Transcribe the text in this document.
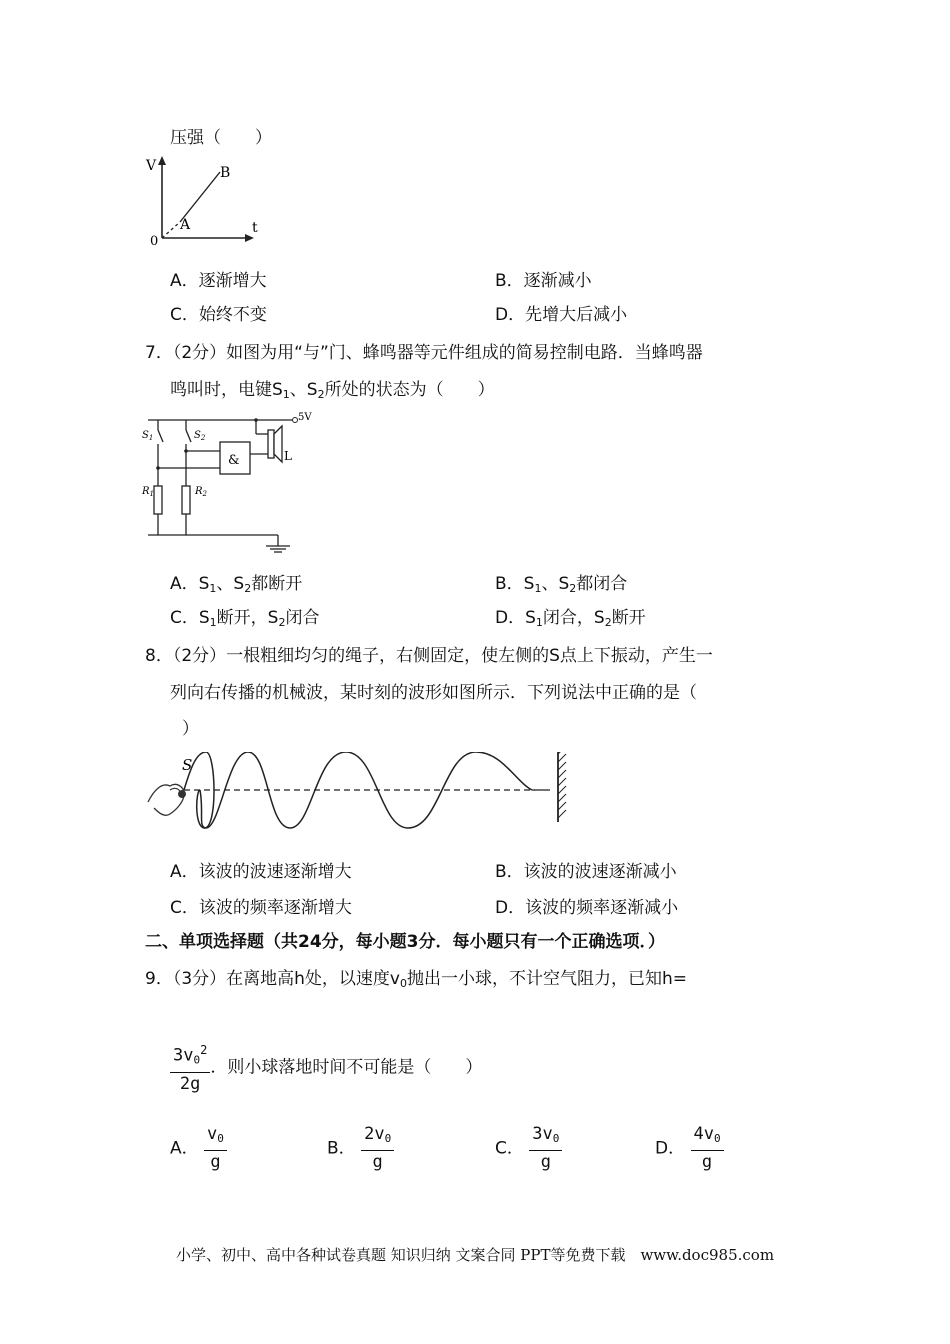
压强（　　）
V
t
0
A
B
A．逐渐增大	B．逐渐减小
C．始终不变	D．先增大后减小
7．（2分）如图为用“与”门、蜂鸣器等元件组成的简易控制电路．当蜂鸣器
鸣叫时，电键$S_1$、$S_2$所处的状态为（　　）
5V
$S_1$
$R_1$
$S_2$
$R_2$
&	L
A．$S_1$、$S_2$都断开	B．$S_1$、$S_2$都闭合
C．$S_1$断开，$S_2$闭合	D．$S_1$闭合，$S_2$断开
8．（2分）一根粗细均匀的绳子，右侧固定，使左侧的S点上下振动，产生一
列向右传播的机械波，某时刻的波形如图所示．下列说法中正确的是（
）
S
A．该波的波速逐渐增大	B．该波的波速逐渐减小
C．该波的频率逐渐增大	D．该波的频率逐渐减小
二、单项选择题（共24分，每小题3分．每小题只有一个正确选项．）
9．（3分）在离地高h处，以速度$v_0$抛出一小球，不计空气阻力，已知h=
$\frac{3v_0^2}{2g}$ ．则小球落地时间不可能是（　　）
A． $\frac{v_0}{g}$	B． $\frac{2v_0}{g}$	C． $\frac{3v_0}{g}$	D． $\frac{4v_0}{g}$
小学、初中、高中各种试卷真题 知识归纳 文案合同 PPT等免费下载　www.doc985.com
